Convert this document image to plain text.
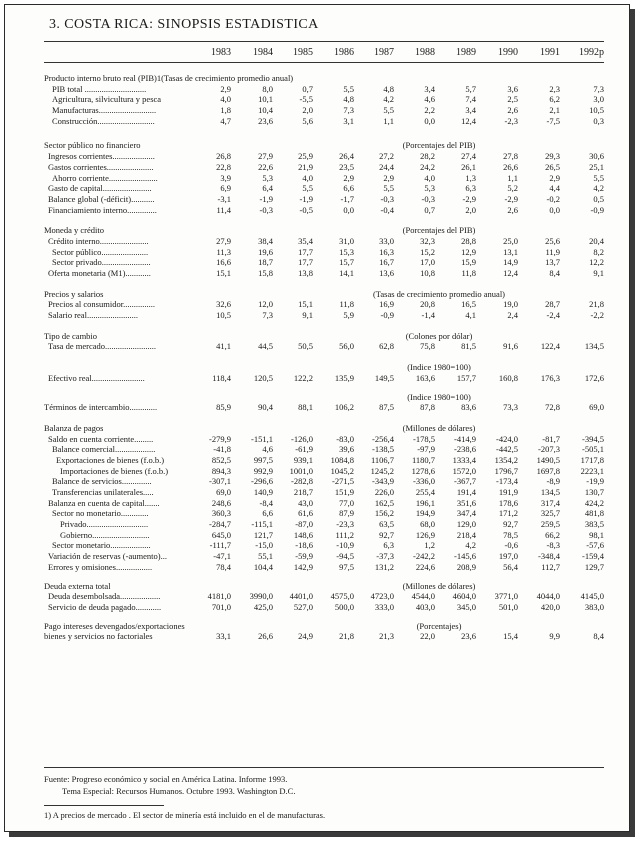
3. COSTA RICA: SINOPSIS ESTADISTICA
1983	1984	1985	1986	1987	1988	1989	1990	1991	1992p
Producto interno bruto real (PIB)1(Tasas de crecimiento promedio anual)
PIB total .............................	2,9	8,0	0,7	5,5	4,8	3,4	5,7	3,6	2,3	7,3
Agricultura, silvicultura y pesca	4,0	10,1	-5,5	4,8	4,2	4,6	7,4	2,5	6,2	3,0
Manufacturas...........................	1,8	10,4	2,0	7,3	5,5	2,2	3,4	2,6	2,1	10,5
Construcción...........................	4,7	23,6	5,6	3,1	1,1	0,0	12,4	-2,3	-7,5	0,3
(Porcentajes del PIB)
Sector público no financiero
Ingresos corrientes....................	26,8	27,9	25,9	26,4	27,2	28,2	27,4	27,8	29,3	30,6
Gastos corrientes......................	22,8	22,6	21,9	23,5	24,4	24,2	26,1	26,6	26,5	25,1
Ahorro corriente.......................	3,9	5,3	4,0	2,9	2,9	4,0	1,3	1,1	2,9	5,5
Gasto de capital.......................	6,9	6,4	5,5	6,6	5,5	5,3	6,3	5,2	4,4	4,2
Balance global (-déficit)...........	-3,1	-1,9	-1,9	-1,7	-0,3	-0,3	-2,9	-2,9	-0,2	0,5
Financiamiento interno..............	11,4	-0,3	-0,5	0,0	-0,4	0,7	2,0	2,6	0,0	-0,9
(Porcentajes del PIB)
Moneda y crédito
Crédito interno.......................	27,9	38,4	35,4	31,0	33,0	32,3	28,8	25,0	25,6	20,4
Sector público......................	11,3	19,6	17,7	15,3	16,3	15,2	12,9	13,1	11,9	8,2
Sector privado.......................	16,6	18,7	17,7	15,7	16,7	17,0	15,9	14,9	13,7	12,2
Oferta monetaria (M1)............	15,1	15,8	13,8	14,1	13,6	10,8	11,8	12,4	8,4	9,1
(Tasas de crecimiento promedio anual)
Precios y salarios
Precios al consumidor...............	32,6	12,0	15,1	11,8	16,9	20,8	16,5	19,0	28,7	21,8
Salario real........................	10,5	7,3	9,1	5,9	-0,9	-1,4	4,1	2,4	-2,4	-2,2
(Colones por dólar)
Tipo de cambio
Tasa de mercado........................	41,1	44,5	50,5	56,0	62,8	75,8	81,5	91,6	122,4	134,5
(Indice 1980=100)
Efectivo real.........................	118,4	120,5	122,2	135,9	149,5	163,6	157,7	160,8	176,3	172,6
(Indice 1980=100)
Términos de intercambio.............	85,9	90,4	88,1	106,2	87,5	87,8	83,6	73,3	72,8	69,0
(Millones de dólares)
Balanza de pagos
Saldo en cuenta corriente.........	-279,9	-151,1	-126,0	-83,0	-256,4	-178,5	-414,9	-424,0	-81,7	-394,5
Balance comercial...................	-41,8	4,6	-61,9	39,6	-138,5	-97,9	-238,6	-442,5	-207,3	-505,1
Exportaciones de bienes (f.o.b.)	852,5	997,5	939,1	1084,8	1106,7	1180,7	1333,4	1354,2	1490,5	1717,8
Importaciones de bienes (f.o.b.)	894,3	992,9	1001,0	1045,2	1245,2	1278,6	1572,0	1796,7	1697,8	2223,1
Balance de servicios..............	-307,1	-296,6	-282,8	-271,5	-343,9	-336,0	-367,7	-173,4	-8,9	-19,9
Transferencias unilaterales.....	69,0	140,9	218,7	151,9	226,0	255,4	191,4	191,9	134,5	130,7
Balanza en cuenta de capital.......	248,6	-8,4	43,0	77,0	162,5	196,1	351,6	178,6	317,4	424,2
Sector no monetario.............	360,3	6,6	61,6	87,9	156,2	194,9	347,4	171,2	325,7	481,8
Privado.............................	-284,7	-115,1	-87,0	-23,3	63,5	68,0	129,0	92,7	259,5	383,5
Gobierno...........................	645,0	121,7	148,6	111,2	92,7	126,9	218,4	78,5	66,2	98,1
Sector monetario...................	-111,7	-15,0	-18,6	-10,9	6,3	1,2	4,2	-0,6	-8,3	-57,6
Variación de reservas (-aumento)...	-47,1	55,1	-59,9	-94,5	-37,3	-242,2	-145,6	197,0	-348,4	-159,4
Errores y omisiones.................	78,4	104,4	142,9	97,5	131,2	224,6	208,9	56,4	112,7	129,7
(Millones de dólares)
Deuda externa total
Deuda desembolsada...................	4181,0	3990,0	4401,0	4575,0	4723,0	4544,0	4604,0	3771,0	4044,0	4145,0
Servicio de deuda pagado............	701,0	425,0	527,0	500,0	333,0	403,0	345,0	501,0	420,0	383,0
(Porcentajes)
Pago intereses devengados/exportaciones
bienes y servicios no factoriales	33,1	26,6	24,9	21,8	21,3	22,0	23,6	15,4	9,9	8,4
Fuente: Progreso económico y social en América Latina. Informe 1993.
Tema Especial: Recursos Humanos. Octubre 1993. Washington D.C.
1) A precios de mercado . El sector de minería está incluido en el de manufacturas.
